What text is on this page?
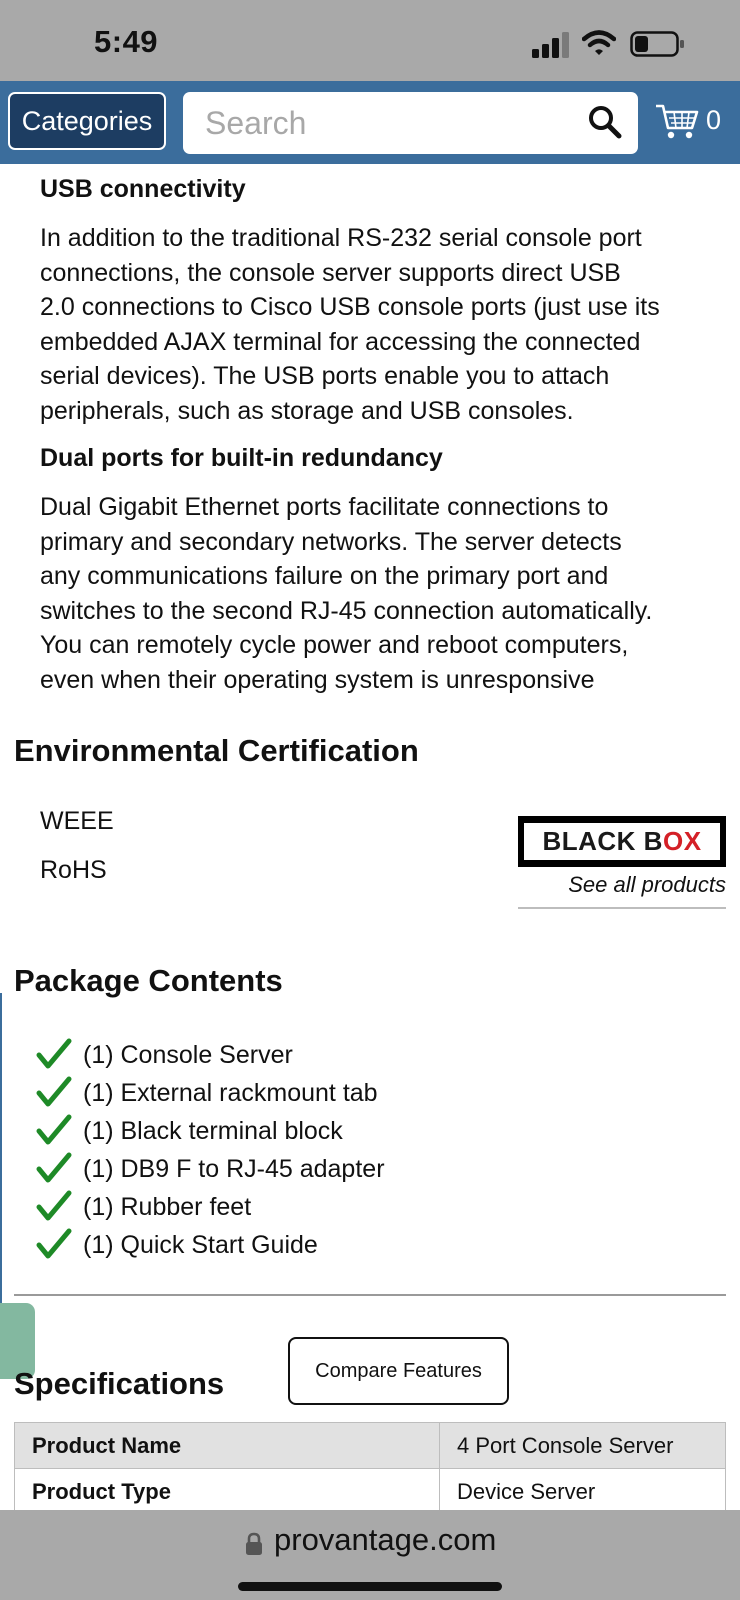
5:49
Categories
Search	0
USB connectivity
In addition to the traditional RS-232 serial console port
connections, the console server supports direct USB
2.0 connections to Cisco USB console ports (just use its
embedded AJAX terminal for accessing the connected
serial devices). The USB ports enable you to attach
peripherals, such as storage and USB consoles.
Dual ports for built-in redundancy
Dual Gigabit Ethernet ports facilitate connections to
primary and secondary networks. The server detects
any communications failure on the primary port and
switches to the second RJ-45 connection automatically.
You can remotely cycle power and reboot computers,
even when their operating system is unresponsive
Environmental Certification
WEEE
RoHS
BLACK B O X
See all products
Package Contents
(1) Console Server
(1) External rackmount tab
(1) Black terminal block
(1) DB9 F to RJ-45 adapter
(1) Rubber feet
(1) Quick Start Guide
Specifications	Compare Features
Product Name	4 Port Console Server
Product Type	Device Server
provantage.com
